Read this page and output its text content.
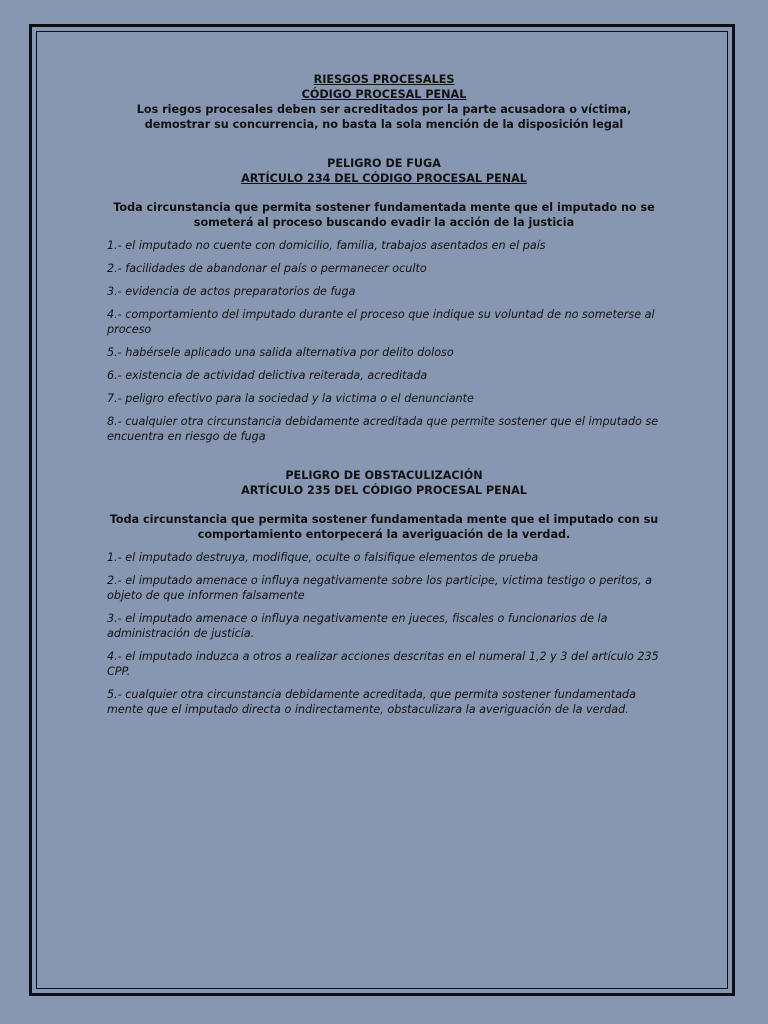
RIESGOS PROCESALES
CÓDIGO PROCESAL PENAL
Los riegos procesales deben ser acreditados por la parte acusadora o víctima, demostrar su concurrencia, no basta la sola mención de la disposición legal
PELIGRO DE FUGA
ARTÍCULO 234 DEL CÓDIGO PROCESAL PENAL
Toda circunstancia que permita sostener fundamentada mente que el imputado no se someterá al proceso buscando evadir la acción de la justicia
1.- el imputado no cuente con domicilio, familia, trabajos asentados en el país
2.- facilidades de abandonar el país o permanecer oculto
3.- evidencia de actos preparatorios de fuga
4.- comportamiento del imputado durante el proceso que indique su voluntad de no someterse al proceso
5.- habérsele aplicado una salida alternativa por delito doloso
6.- existencia de actividad delictiva reiterada, acreditada
7.- peligro efectivo para la sociedad y la victima o el denunciante
8.- cualquier otra circunstancia debidamente acreditada que permite sostener que el imputado se encuentra en riesgo de fuga
PELIGRO DE OBSTACULIZACIÓN
ARTÍCULO 235 DEL CÓDIGO PROCESAL PENAL
Toda circunstancia que permita sostener fundamentada mente que el imputado con su comportamiento entorpecerá la averiguación de la verdad.
1.- el imputado destruya, modifique, oculte o falsifique elementos de prueba
2.- el imputado amenace o influya negativamente sobre los participe, victima testigo o peritos, a objeto de que informen falsamente
3.- el imputado amenace o influya negativamente en jueces, fiscales o funcionarios de la administración de justicia.
4.- el imputado induzca a otros a realizar acciones descritas en el numeral 1,2 y 3 del artículo 235 CPP.
5.- cualquier otra circunstancia debidamente acreditada, que permita sostener fundamentada mente que el imputado directa o indirectamente, obstaculizara la averiguación de la verdad.
